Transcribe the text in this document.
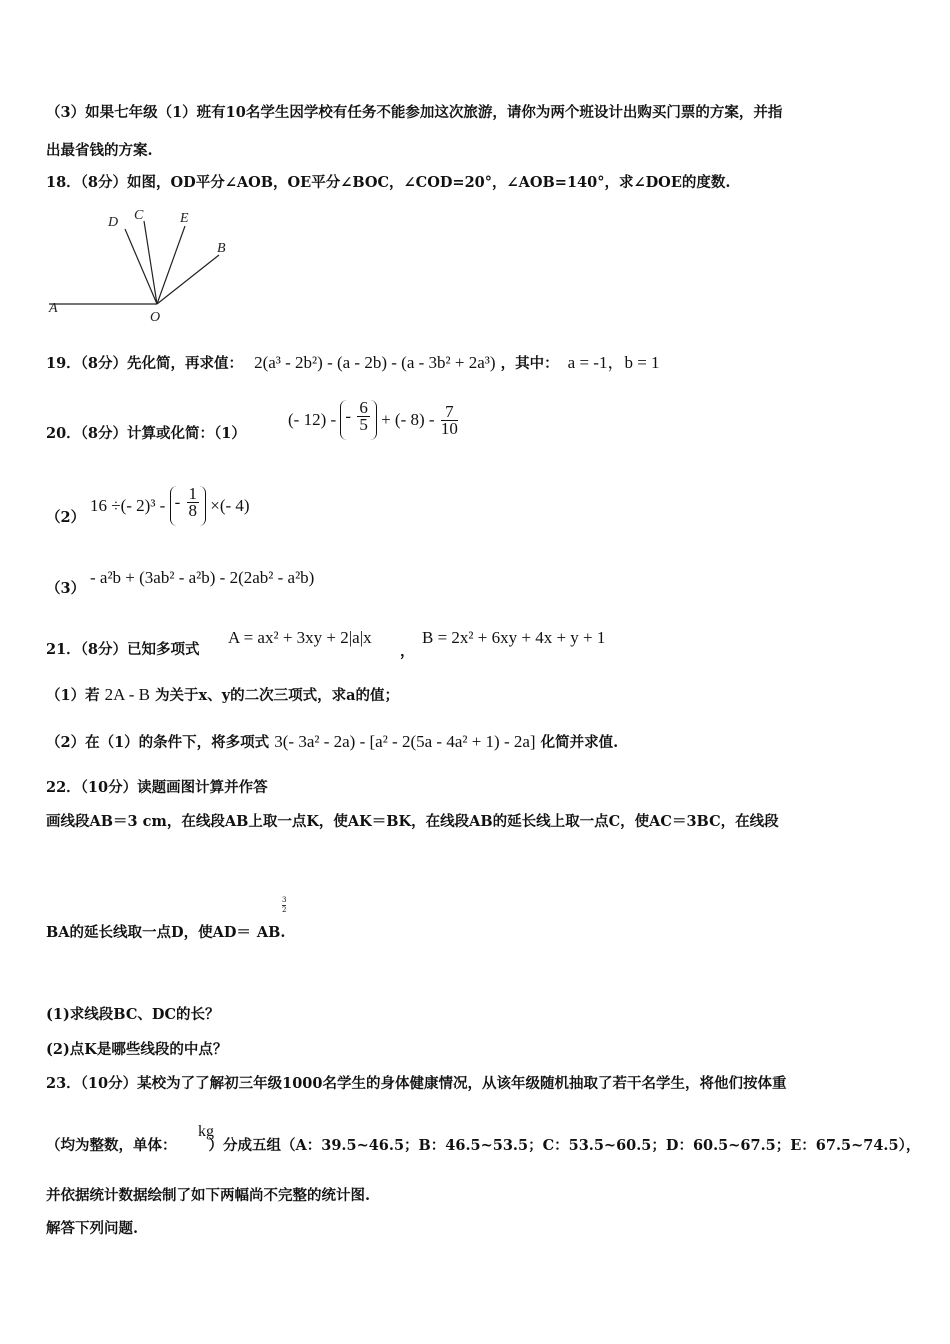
（3）如果七年级（1）班有10名学生因学校有任务不能参加这次旅游，请你为两个班设计出购买门票的方案，并指
出最省钱的方案.
18．（8分）如图，OD平分∠AOB，OE平分∠BOC，∠COD=20°，∠AOB=140°，求∠DOE的度数.
D C	E
B
A
O
19．（8分）先化简，再求值： 2(a³ - 2b²) - (a - 2b) - (a - 3b² + 2a³) ，其中： a = -1，b = 1
20．（8分）计算或化简：（1）
(- 12) - - $\frac{6}{5}$ + (- $8) - \frac{7}{10}$
（2）
16 ÷(- 2)³ - - $\frac{1}{8}$ ×(- 4)
（3）
- a²b + (3ab² - a²b) - 2(2ab² - a²b)
21．（8分）已知多项式
A = ax² + 3xy + 2|a|x
，
B = 2x² + 6xy + 4x + y + 1
（1）若 2A - B 为关于x、y的二次三项式，求a的值；
（2）在（1）的条件下，将多项式 3(- 3a² - 2a) - [a² - 2(5a - 4a² + 1) - 2a] 化简并求值.
22．（10分）读题画图计算并作答
画线段AB＝3 cm，在线段AB上取一点K，使AK＝BK，在线段AB的延长线上取一点C，使AC＝3BC，在线段
BA的延长线取一点D，使AD＝ AB.
$\frac{3}{2}$
(1)求线段BC、DC的长？
(2)点K是哪些线段的中点？
23．（10分）某校为了了解初三年级1000名学生的身体健康情况，从该年级随机抽取了若干名学生，将他们按体重
（均为整数，单体： ）分成五组（A：39.5~46.5；B：46.5~53.5；C：53.5~60.5；D：60.5~67.5；E：67.5~74.5），
kg
并依据统计数据绘制了如下两幅尚不完整的统计图.
解答下列问题.
